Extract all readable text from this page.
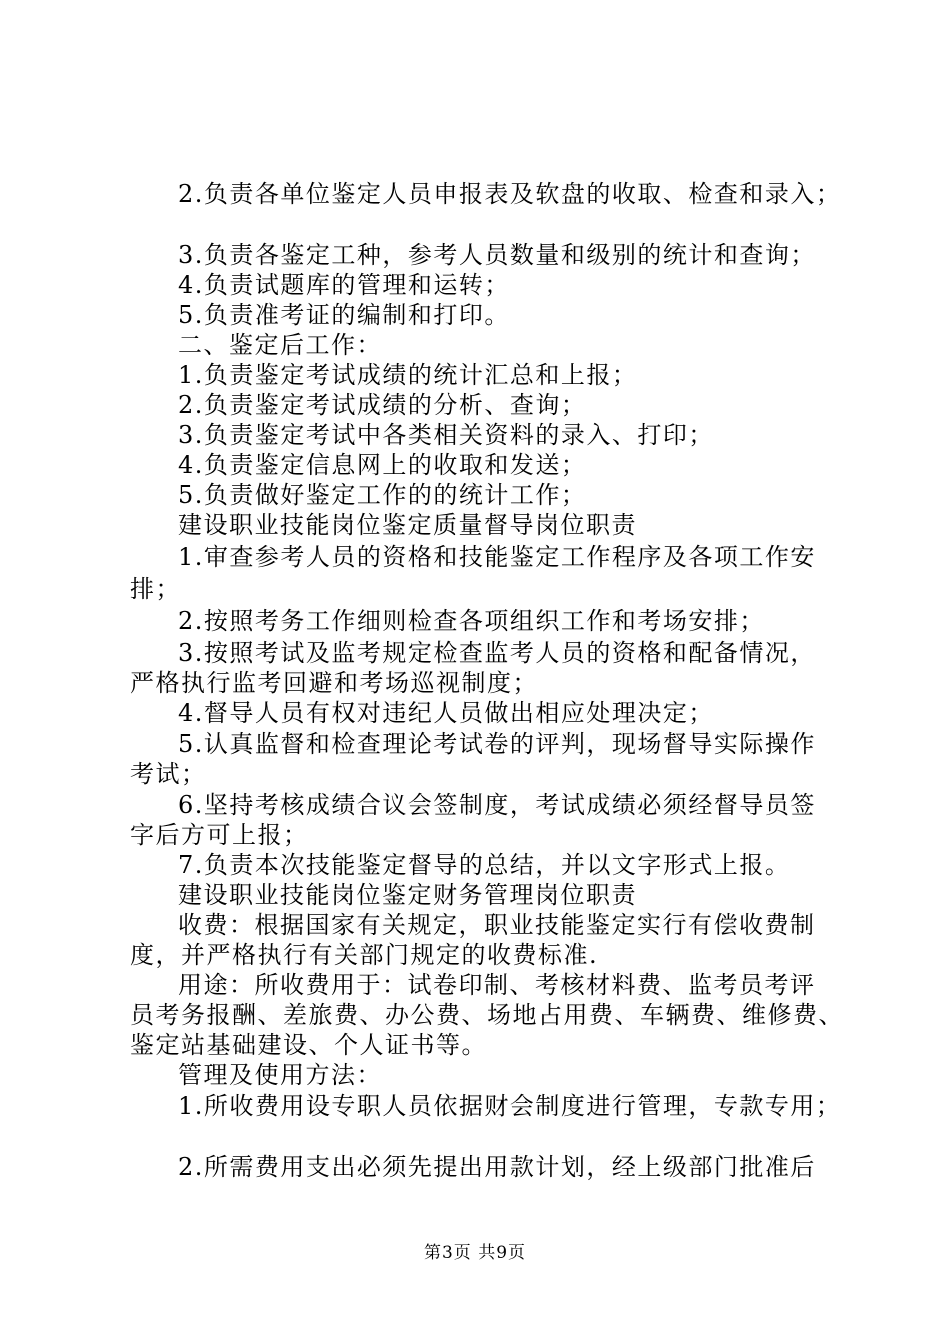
2.负责各单位鉴定人员申报表及软盘的收取、检查和录入；
3.负责各鉴定工种，参考人员数量和级别的统计和查询；
4.负责试题库的管理和运转；
5.负责准考证的编制和打印。
二、鉴定后工作：
1.负责鉴定考试成绩的统计汇总和上报；
2.负责鉴定考试成绩的分析、查询；
3.负责鉴定考试中各类相关资料的录入、打印；
4.负责鉴定信息网上的收取和发送；
5.负责做好鉴定工作的的统计工作；
建设职业技能岗位鉴定质量督导岗位职责
1.审查参考人员的资格和技能鉴定工作程序及各项工作安
排；
2.按照考务工作细则检查各项组织工作和考场安排；
3.按照考试及监考规定检查监考人员的资格和配备情况，
严格执行监考回避和考场巡视制度；
4.督导人员有权对违纪人员做出相应处理决定；
5.认真监督和检查理论考试卷的评判，现场督导实际操作
考试；
6.坚持考核成绩合议会签制度，考试成绩必须经督导员签
字后方可上报；
7.负责本次技能鉴定督导的总结，并以文字形式上报。
建设职业技能岗位鉴定财务管理岗位职责
收费：根据国家有关规定，职业技能鉴定实行有偿收费制
度，并严格执行有关部门规定的收费标准.
用途：所收费用于：试卷印制、考核材料费、监考员考评
员考务报酬、差旅费、办公费、场地占用费、车辆费、维修费、
鉴定站基础建设、个人证书等。
管理及使用方法：
1.所收费用设专职人员依据财会制度进行管理，专款专用；
2.所需费用支出必须先提出用款计划，经上级部门批准后
第3页 共9页
